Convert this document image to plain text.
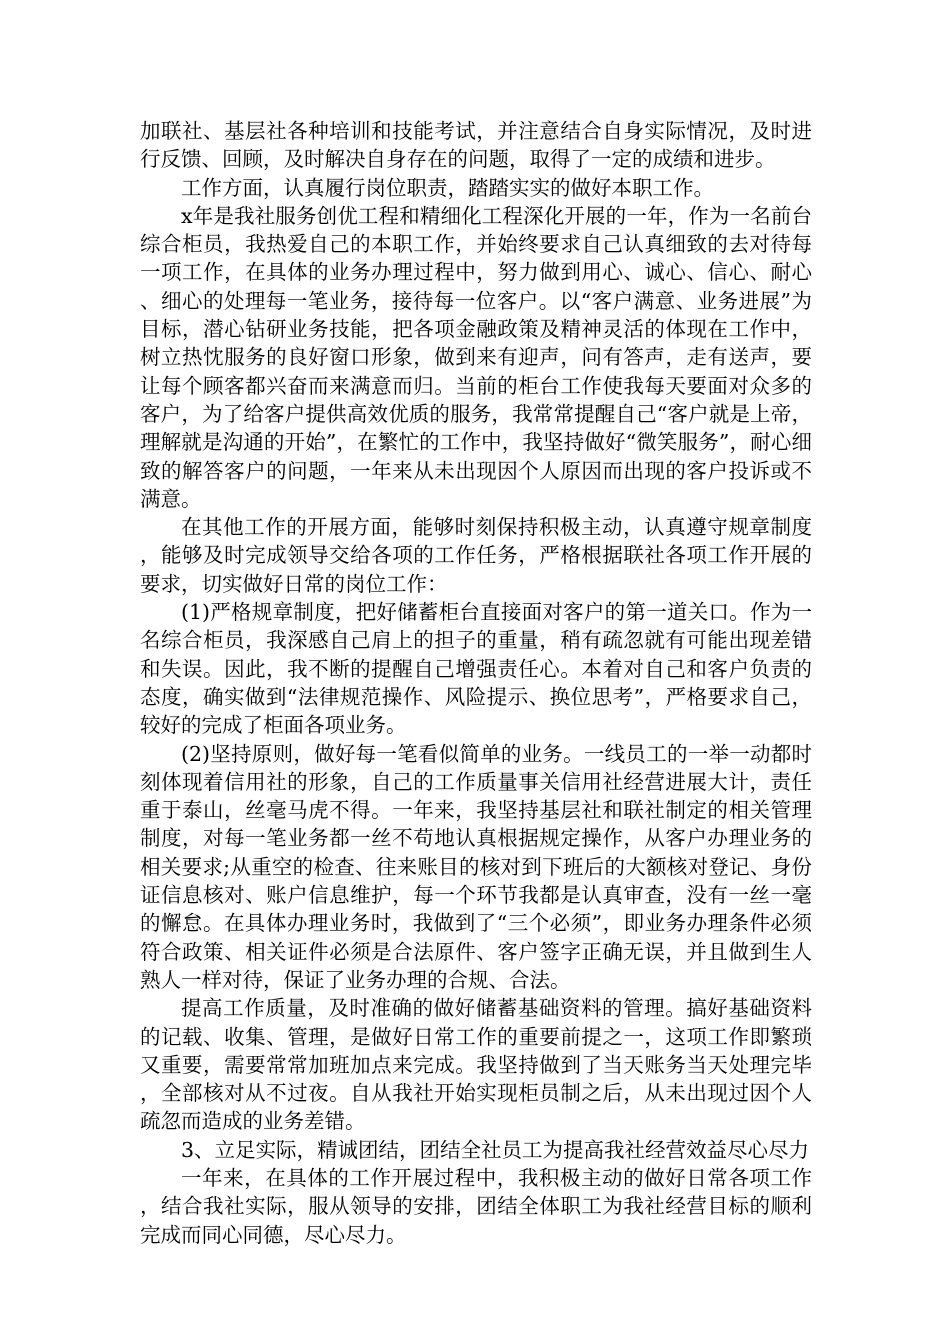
加联社、基层社各种培训和技能考试，并注意结合自身实际情况，及时进行反馈、回顾，及时解决自身存在的问题，取得了一定的成绩和进步。

工作方面，认真履行岗位职责，踏踏实实的做好本职工作。

x年是我社服务创优工程和精细化工程深化开展的一年，作为一名前台综合柜员，我热爱自己的本职工作，并始终要求自己认真细致的去对待每一项工作，在具体的业务办理过程中，努力做到用心、诚心、信心、耐心、细心的处理每一笔业务，接待每一位客户。以“客户满意、业务进展”为目标，潜心钻研业务技能，把各项金融政策及精神灵活的体现在工作中，树立热忱服务的良好窗口形象，做到来有迎声，问有答声，走有送声，要让每个顾客都兴奋而来满意而归。当前的柜台工作使我每天要面对众多的客户，为了给客户提供高效优质的服务，我常常提醒自己“客户就是上帝，理解就是沟通的开始”，在繁忙的工作中，我坚持做好“微笑服务”，耐心细致的解答客户的问题，一年来从未出现因个人原因而出现的客户投诉或不满意。

在其他工作的开展方面，能够时刻保持积极主动，认真遵守规章制度，能够及时完成领导交给各项的工作任务，严格根据联社各项工作开展的要求，切实做好日常的岗位工作：

(1)严格规章制度，把好储蓄柜台直接面对客户的第一道关口。作为一名综合柜员，我深感自己肩上的担子的重量，稍有疏忽就有可能出现差错和失误。因此，我不断的提醒自己增强责任心。本着对自己和客户负责的态度，确实做到“法律规范操作、风险提示、换位思考”，严格要求自己，较好的完成了柜面各项业务。

(2)坚持原则，做好每一笔看似简单的业务。一线员工的一举一动都时刻体现着信用社的形象，自己的工作质量事关信用社经营进展大计，责任重于泰山，丝毫马虎不得。一年来，我坚持基层社和联社制定的相关管理制度，对每一笔业务都一丝不苟地认真根据规定操作，从客户办理业务的相关要求;从重空的检查、往来账目的核对到下班后的大额核对登记、身份证信息核对、账户信息维护，每一个环节我都是认真审查，没有一丝一毫的懈怠。在具体办理业务时，我做到了“三个必须”，即业务办理条件必须符合政策、相关证件必须是合法原件、客户签字正确无误，并且做到生人熟人一样对待，保证了业务办理的合规、合法。

提高工作质量，及时准确的做好储蓄基础资料的管理。搞好基础资料的记载、收集、管理，是做好日常工作的重要前提之一，这项工作即繁琐又重要，需要常常加班加点来完成。我坚持做到了当天账务当天处理完毕，全部核对从不过夜。自从我社开始实现柜员制之后，从未出现过因个人疏忽而造成的业务差错。

3、立足实际，精诚团结，团结全社员工为提高我社经营效益尽心尽力

一年来，在具体的工作开展过程中，我积极主动的做好日常各项工作，结合我社实际，服从领导的安排，团结全体职工为我社经营目标的顺利完成而同心同德，尽心尽力。
